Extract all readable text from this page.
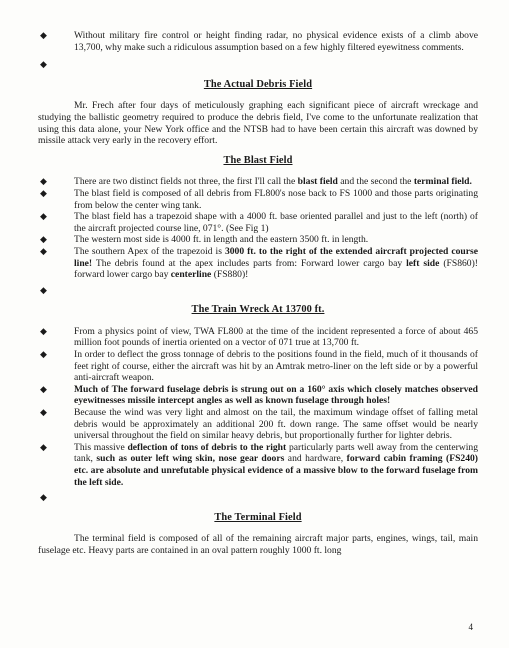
◆	Without military fire control or height finding radar, no physical evidence exists of a climb above 13,700, why make such a ridiculous assumption based on a few highly filtered eyewitness comments.
◆

The Actual Debris Field
Mr. Frech after four days of meticulously graphing each significant piece of aircraft wreckage and studying the ballistic geometry required to produce the debris field, I've come to the unfortunate realization that using this data alone, your New York office and the NTSB had to have been certain this aircraft was downed by missile attack very early in the recovery effort.
The Blast Field
◆	There are two distinct fields not three, the first I'll call the blast field and the second the terminal field.
◆	The blast field is composed of all debris from FL800's nose back to FS 1000 and those parts originating from below the center wing tank.
◆	The blast field has a trapezoid shape with a 4000 ft. base oriented parallel and just to the left (north) of the aircraft projected course line, 071°. (See Fig 1)
◆	The western most side is 4000 ft. in length and the eastern 3500 ft. in length.
◆	The southern Apex of the trapezoid is 3000 ft. to the right of the extended aircraft projected course line! The debris found at the apex includes parts from: Forward lower cargo bay left side (FS860)! forward lower cargo bay centerline (FS880)!
◆

The Train Wreck At 13700 ft.
◆	From a physics point of view, TWA FL800 at the time of the incident represented a force of about 465 million foot pounds of inertia oriented on a vector of 071 true at 13,700 ft.
◆	In order to deflect the gross tonnage of debris to the positions found in the field, much of it thousands of feet right of course, either the aircraft was hit by an Amtrak metro-liner on the left side or by a powerful anti-aircraft weapon.
◆	Much of The forward fuselage debris is strung out on a 160° axis which closely matches observed eyewitnesses missile intercept angles as well as known fuselage through holes!
◆	Because the wind was very light and almost on the tail, the maximum windage offset of falling metal debris would be approximately an additional 200 ft. down range. The same offset would be nearly universal throughout the field on similar heavy debris, but proportionally further for lighter debris.
◆	This massive deflection of tons of debris to the right particularly parts well away from the centerwing tank, such as outer left wing skin, nose gear doors and hardware, forward cabin framing (FS240) etc. are absolute and unrefutable physical evidence of a massive blow to the forward fuselage from the left side.
◆

The Terminal Field
The terminal field is composed of all of the remaining aircraft major parts, engines, wings, tail, main fuselage etc. Heavy parts are contained in an oval pattern roughly 1000 ft. long
4
